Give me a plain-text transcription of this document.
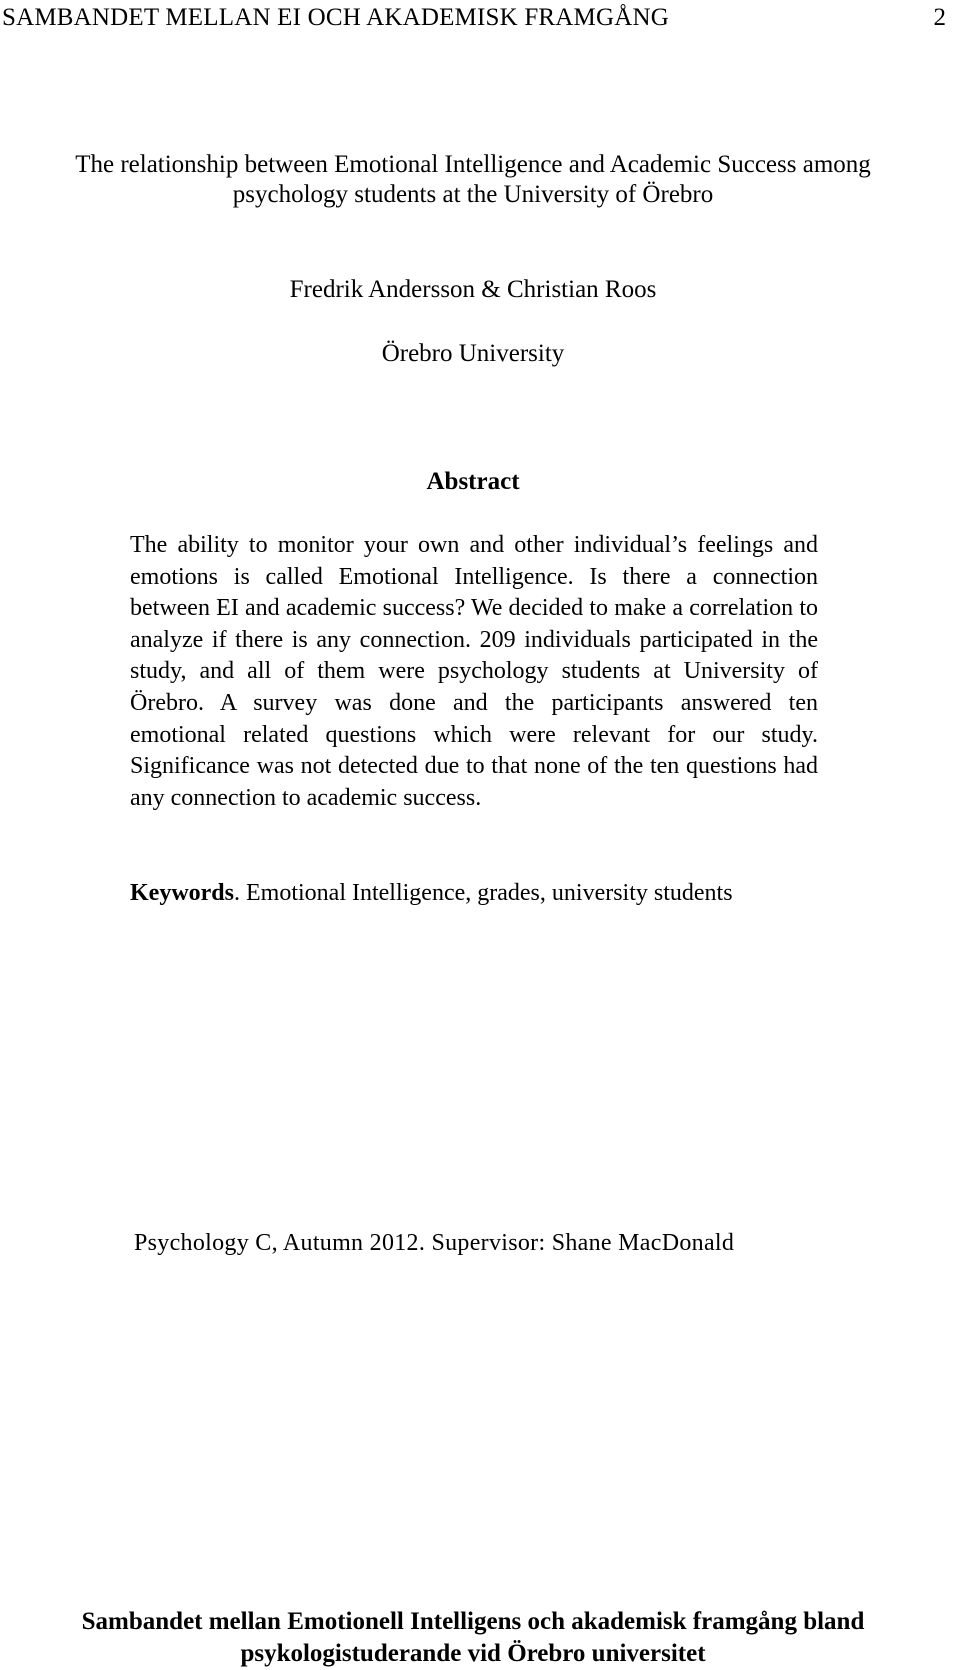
SAMBANDET MELLAN EI OCH AKADEMISK FRAMGÅNG	2
The relationship between Emotional Intelligence and Academic Success among
psychology students at the University of Örebro
Fredrik Andersson & Christian Roos
Örebro University
Abstract
The ability to monitor your own and other individual’s feelings and emotions is called Emotional Intelligence. Is there a connection between EI and academic success? We decided to make a correlation to analyze if there is any connection. 209 individuals participated in the study, and all of them were psychology students at University of Örebro. A survey was done and the participants answered ten emotional related questions which were relevant for our study. Significance was not detected due to that none of the ten questions had any connection to academic success.
Keywords. Emotional Intelligence, grades, university students
Psychology C, Autumn 2012. Supervisor: Shane MacDonald
Sambandet mellan Emotionell Intelligens och akademisk framgång bland
psykologistuderande vid Örebro universitet
